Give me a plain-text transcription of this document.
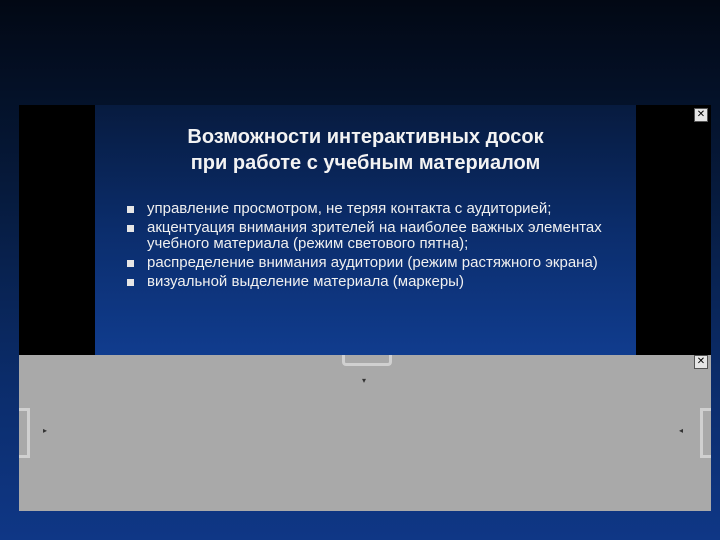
Возможности интерактивных досок
при работе с учебным материалом
управление просмотром, не теряя контакта с аудиторией;
акцентуация внимания зрителей на наиболее важных элементах учебного материала (режим светового пятна);
распределение внимания аудитории (режим растяжного экрана)
визуальной выделение материала (маркеры)
✕
✕
▾
▸	◂
